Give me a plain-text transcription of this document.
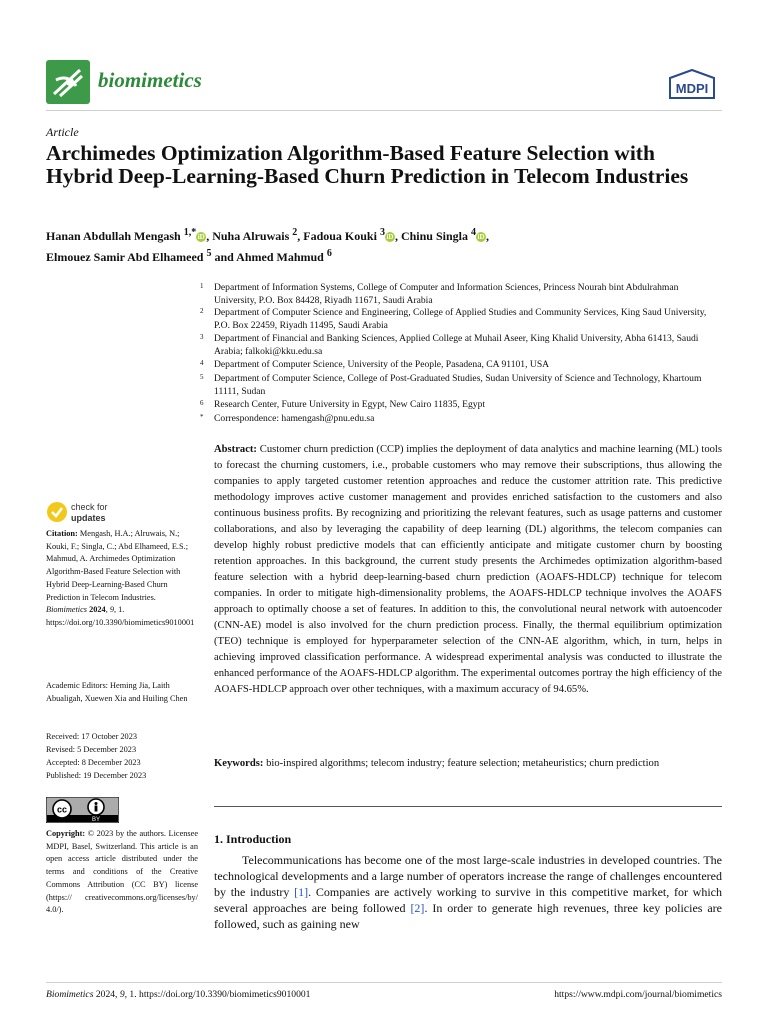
biomimetics	MDPI
Article
Archimedes Optimization Algorithm-Based Feature Selection with Hybrid Deep-Learning-Based Churn Prediction in Telecom Industries
Hanan Abdullah Mengash $^{1,*}$ iD , Nuha Alruwais $^2$, Fadoua Kouki $^3$ iD , Chinu Singla $^4$ iD ,
Elmouez Samir Abd Elhameed $^5$ and Ahmed Mahmud $^6$
1 Department of Information Systems, College of Computer and Information Sciences, Princess Nourah bint Abdulrahman University, P.O. Box 84428, Riyadh 11671, Saudi Arabia
2 Department of Computer Science and Engineering, College of Applied Studies and Community Services, King Saud University, P.O. Box 22459, Riyadh 11495, Saudi Arabia
3 Department of Financial and Banking Sciences, Applied College at Muhail Aseer, King Khalid University, Abha 61413, Saudi Arabia; falkoki@kku.edu.sa
4 Department of Computer Science, University of the People, Pasadena, CA 91101, USA
5 Department of Computer Science, College of Post-Graduated Studies, Sudan University of Science and Technology, Khartoum 11111, Sudan
6 Research Center, Future University in Egypt, New Cairo 11835, Egypt
* Correspondence: hamengash@pnu.edu.sa
Abstract: Customer churn prediction (CCP) implies the deployment of data analytics and machine learning (ML) tools to forecast the churning customers, i.e., probable customers who may remove their subscriptions, thus allowing the companies to apply targeted customer retention approaches and reduce the customer attrition rate. This predictive methodology improves active customer management and provides enriched satisfaction to the customers and also continuous business profits. By recognizing and prioritizing the relevant features, such as usage patterns and customer collaborations, and also by leveraging the capability of deep learning (DL) algorithms, the telecom companies can develop highly robust predictive models that can efficiently anticipate and mitigate customer churn by boosting retention approaches. In this background, the current study presents the Archimedes optimization algorithm-based feature selection with a hybrid deep-learning-based churn prediction (AOAFS-HDLCP) technique for telecom companies. In order to mitigate high-dimensionality problems, the AOAFS-HDLCP technique involves the AOAFS approach to optimally choose a set of features. In addition to this, the convolutional neural network with autoencoder (CNN-AE) model is also involved for the churn prediction process. Finally, the thermal equilibrium optimization (TEO) technique is employed for hyperparameter selection of the CNN-AE algorithm, which, in turn, helps in achieving improved classification performance. A widespread experimental analysis was conducted to illustrate the enhanced performance of the AOAFS-HDLCP algorithm. The experimental outcomes portray the high efficiency of the AOAFS-HDLCP approach over other techniques, with a maximum accuracy of 94.65%.
Keywords: bio-inspired algorithms; telecom industry; feature selection; metaheuristics; churn prediction
1. Introduction
Telecommunications has become one of the most large-scale industries in developed countries. The technological developments and a large number of operators increase the range of challenges encountered by the industry [1]. Companies are actively working to survive in this competitive market, for which several approaches are being followed [2]. In order to generate high revenues, three key policies are followed, such as gaining new
check for
updates
Citation: Mengash, H.A.; Alruwais, N.; Kouki, F.; Singla, C.; Abd Elhameed, E.S.; Mahmud, A. Archimedes Optimization Algorithm-Based Feature Selection with Hybrid Deep-Learning-Based Churn Prediction in Telecom Industries. Biomimetics 2024, 9, 1. https://doi.org/10.3390/biomimetics9010001
Academic Editors: Heming Jia, Laith Abualigah, Xuewen Xia and Huiling Chen
Received: 17 October 2023
Revised: 5 December 2023
Accepted: 8 December 2023
Published: 19 December 2023
cc
BY
Copyright: © 2023 by the authors. Licensee MDPI, Basel, Switzerland. This article is an open access article distributed under the terms and conditions of the Creative Commons Attribution (CC BY) license (https:// creativecommons.org/licenses/by/ 4.0/).
Biomimetics 2024, 9, 1. https://doi.org/10.3390/biomimetics9010001	https://www.mdpi.com/journal/biomimetics
